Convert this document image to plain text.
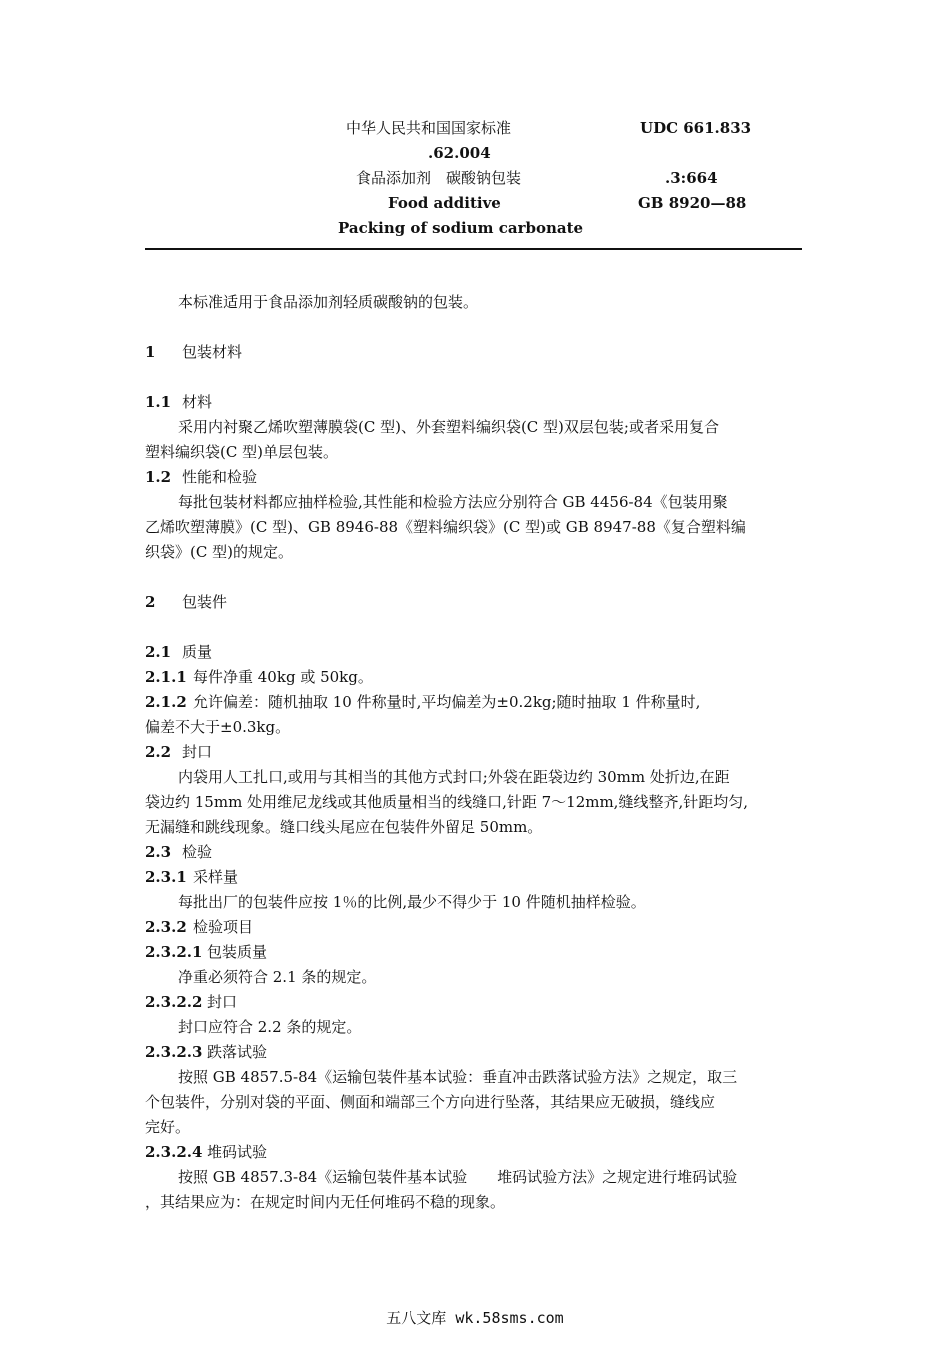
中华人民共和国国家标准	UDC 661.833
.62.004
食品添加剂　碳酸钠包装	.3:664
Food additive	GB 8920—88
Packing of sodium carbonate
本标准适用于食品添加剂轻质碳酸钠的包装。
1 包装材料
1.1 材料
采用内衬聚乙烯吹塑薄膜袋(C 型)、外套塑料编织袋(C 型)双层包装;或者采用复合
塑料编织袋(C 型)单层包装。
1.2 性能和检验
每批包装材料都应抽样检验,其性能和检验方法应分别符合 GB 4456-84《包装用聚
乙烯吹塑薄膜》(C 型)、GB 8946-88《塑料编织袋》(C 型)或 GB 8947-88《复合塑料编
织袋》(C 型)的规定。
2 包装件
2.1 质量
2.1.1 每件净重 40kg 或 50kg。
2.1.2 允许偏差：随机抽取 10 件称量时,平均偏差为±0.2kg;随时抽取 1 件称量时,
偏差不大于±0.3kg。
2.2 封口
内袋用人工扎口,或用与其相当的其他方式封口;外袋在距袋边约 30mm 处折边,在距
袋边约 15mm 处用维尼龙线或其他质量相当的线缝口,针距 7～12mm,缝线整齐,针距均匀,
无漏缝和跳线现象。缝口线头尾应在包装件外留足 50mm。
2.3 检验
2.3.1 采样量
每批出厂的包装件应按 1％的比例,最少不得少于 10 件随机抽样检验。
2.3.2 检验项目
2.3.2.1 包装质量
净重必须符合 2.1 条的规定。
2.3.2.2 封口
封口应符合 2.2 条的规定。
2.3.2.3 跌落试验
按照 GB 4857.5-84《运输包装件基本试验：垂直冲击跌落试验方法》之规定，取三
个包装件，分别对袋的平面、侧面和端部三个方向进行坠落，其结果应无破损，缝线应
完好。
2.3.2.4 堆码试验
按照 GB 4857.3-84《运输包装件基本试验　　堆码试验方法》之规定进行堆码试验
，其结果应为：在规定时间内无任何堆码不稳的现象。
五八文库 wk.58sms.com
